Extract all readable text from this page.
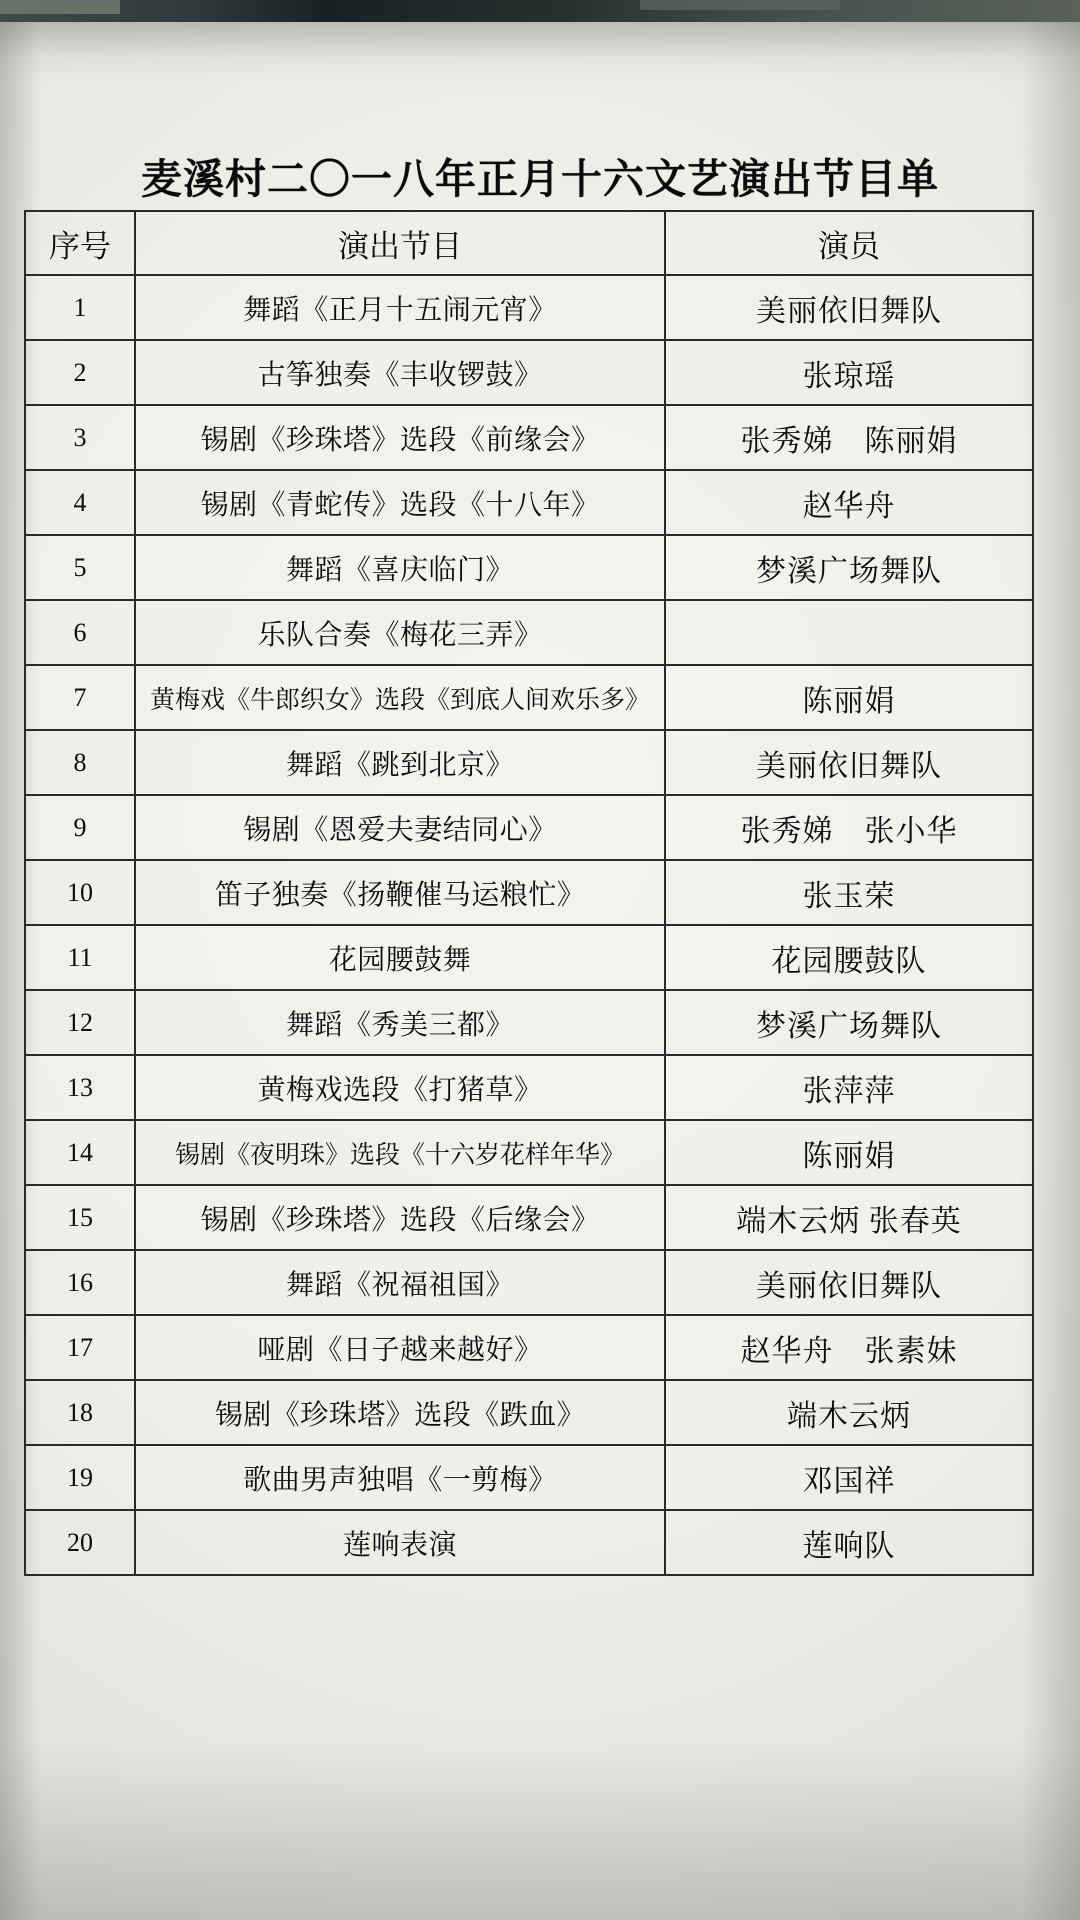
麦溪村二〇一八年正月十六文艺演出节目单
序号	演出节目	演员
1	舞蹈《正月十五闹元宵》	美丽依旧舞队
2	古筝独奏《丰收锣鼓》	张琼瑶
3	锡剧《珍珠塔》选段《前缘会》	张秀娣　陈丽娟
4	锡剧《青蛇传》选段《十八年》	赵华舟
5	舞蹈《喜庆临门》	梦溪广场舞队
6	乐队合奏《梅花三弄》	
7	黄梅戏《牛郎织女》选段《到底人间欢乐多》	陈丽娟
8	舞蹈《跳到北京》	美丽依旧舞队
9	锡剧《恩爱夫妻结同心》	张秀娣　张小华
10	笛子独奏《扬鞭催马运粮忙》	张玉荣
11	花园腰鼓舞	花园腰鼓队
12	舞蹈《秀美三都》	梦溪广场舞队
13	黄梅戏选段《打猪草》	张萍萍
14	锡剧《夜明珠》选段《十六岁花样年华》	陈丽娟
15	锡剧《珍珠塔》选段《后缘会》	端木云炳 张春英
16	舞蹈《祝福祖国》	美丽依旧舞队
17	哑剧《日子越来越好》	赵华舟　张素妹
18	锡剧《珍珠塔》选段《跌血》	端木云炳
19	歌曲男声独唱《一剪梅》	邓国祥
20	莲响表演	莲响队
